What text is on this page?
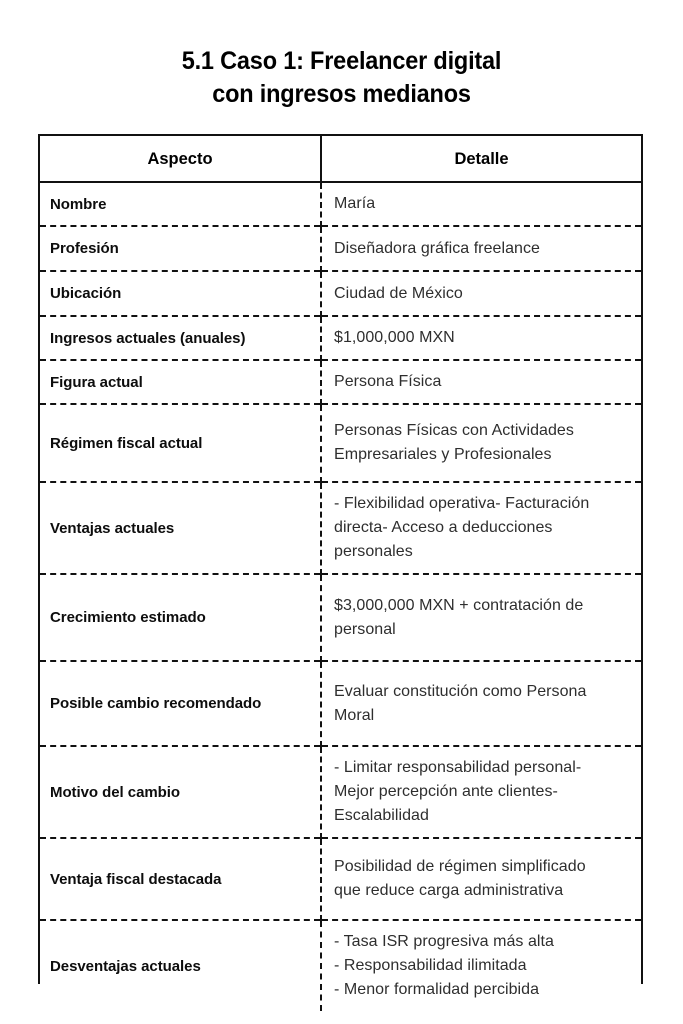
5.1 Caso 1: Freelancer digital
con ingresos medianos
Aspecto	Detalle
Nombre	María

Profesión	Diseñadora gráfica freelance

Ubicación	Ciudad de México

Ingresos actuales (anuales)	$1,000,000 MXN

Figura actual	Persona Física

Régimen fiscal actual	Personas Físicas con Actividades
Empresariales y Profesionales

Ventajas actuales	- Flexibilidad operativa- Facturación
directa- Acceso a deducciones
personales

Crecimiento estimado	$3,000,000 MXN + contratación de
personal

Posible cambio recomendado	Evaluar constitución como Persona
Moral

Motivo del cambio	- Limitar responsabilidad personal-
Mejor percepción ante clientes-
Escalabilidad

Ventaja fiscal destacada	Posibilidad de régimen simplificado
que reduce carga administrativa

Desventajas actuales	- Tasa ISR progresiva más alta
- Responsabilidad ilimitada
- Menor formalidad percibida
